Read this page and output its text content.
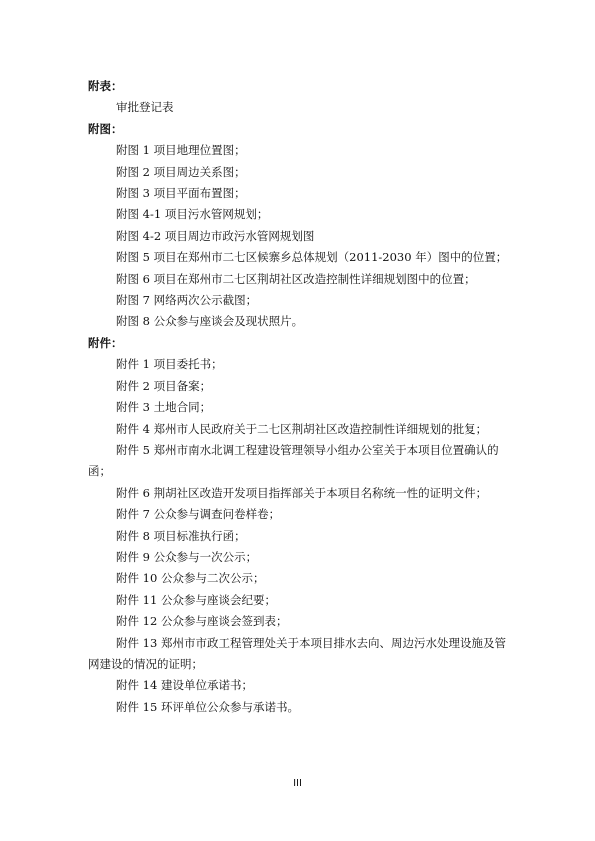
附表：

审批登记表

附图：

附图 1 项目地理位置图；

附图 2 项目周边关系图；

附图 3 项目平面布置图；

附图 4-1 项目污水管网规划；

附图 4-2 项目周边市政污水管网规划图

附图 5 项目在郑州市二七区候寨乡总体规划（2011-2030 年）图中的位置；

附图 6 项目在郑州市二七区荆胡社区改造控制性详细规划图中的位置；

附图 7 网络两次公示截图；

附图 8 公众参与座谈会及现状照片。

附件：

附件 1 项目委托书；

附件 2 项目备案；

附件 3 土地合同；

附件 4 郑州市人民政府关于二七区荆胡社区改造控制性详细规划的批复；

附件 5 郑州市南水北调工程建设管理领导小组办公室关于本项目位置确认的函；

附件 6 荆胡社区改造开发项目指挥部关于本项目名称统一性的证明文件；

附件 7 公众参与调查问卷样卷；

附件 8 项目标准执行函；

附件 9 公众参与一次公示；

附件 10 公众参与二次公示；

附件 11 公众参与座谈会纪要；

附件 12 公众参与座谈会签到表；

附件 13 郑州市市政工程管理处关于本项目排水去向、周边污水处理设施及管网建设的情况的证明；

附件 14 建设单位承诺书；

附件 15 环评单位公众参与承诺书。

III
